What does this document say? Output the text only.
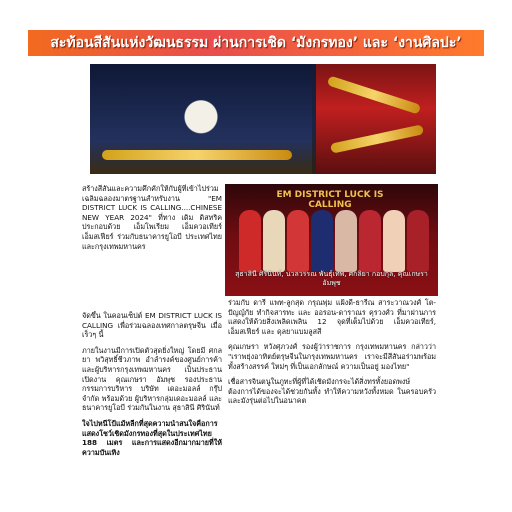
สะท้อนสีสันแห่งวัฒนธรรม ผ่านการเชิด ‘มังกรทอง’ และ ‘งานศิลปะ’
EM DISTRICT LUCK IS CALLING
สุธาสินี ศิรินันท์, นวลวรรณ พันธุ์เทพ, ศกลิยา กอบกุล, คุณเกษรา อัมพุช

สร้างสีสันและความคึกคักให้กับผู้ที่เข้าไปร่วมเฉลิมฉลองมาตรฐานสำหรับงาน "EM DISTRICT LUCK IS CALLING....CHINESE NEW YEAR 2024" ที่ทาง เดิม ดิสทริค ประกอบด้วย เอ็มโพเรียม เอ็มควอเทียร์ เอ็มสเฟียร์ ร่วมกับธนาคารยูโอบี ประเทศไทย และกรุงเทพมหานคร

จัดขึ้น ในคอนเซ็ปต์ EM DISTRICT LUCK IS CALLING เพื่อร่วมฉลองเทศกาลตรุษจีน เมื่อเร็วๆ นี้

ภายในงานมีการเปิดตัวสุดยิ่งใหญ่ โดยมี ศกลยา พวิสุทธิ์ชีวภาพ อำลำรงค์ของศูนย์การค้า และผู้บริหารกรุงเทพมหานคร เป็นประธานเปิดงาน คุณเกษรา อัมพุช รองประธานกรรมการบริหาร บริษัท เดอะมอลล์ กรุ๊ป จำกัด พร้อมด้วย ผู้บริหารกลุ่มเดอะมอลล์ และ ธนาคารยูโอบี ร่วมกันในงาน สุธาสินี ศิรินันท์

ใจไปหนีโป้แม้หลีกที่สุดความนำสนใจคือการแสดงโชว์เชิดมังกรทองที่สุดในประเทศไทย 188 เมตร และการแสดงอีกมากมายที่ให้ความบันเทิง

ร่วมกับ ดารี แพท-ลูกสุด กรุณพุ่ม แฝ้งดี-ธารีณ สาระวาณวงศ์ โต-ปัญญ์กัย ทำกิจสารทะ และ ออรอน-ดาราณร คุรวงศ์ว ที่มาผ่านการแสดงให้ด้วยสิ่งเพลิดเพลิน 12 จุดที่เต็มไปด้วย เอ็มควอเทียร์, เอ็มสเฟียร์ และ ดุลยาแบมลูสสี

คุณเกษรา หวังศุภวงศ์ รองผู้ว่าราชการ กรุงเทพมหานคร กล่าวว่า "เราพยุ่งอาทิตย์ตรุษจีนในกรุงเทพมหานคร เราจะมีสีสันอร่ามพร้อมทั้งสร้างสรรค์ ใหม่ๆ ที่เป็นเอกลักษณ์ ความเป็นอยู่ มองไทย"

เชื่อสารจินตนูในภูทะที่ผู้ที่ได้เชิดมังกรจะได้สิ่งทรทั้งยอดพงษ์ ต้องการได้ของจะได้ช่วยกันทั้ง ทำให้ความหวังทั้งหมด ในครอบครัวและมังรุ่นต่อไปในอนาคต
